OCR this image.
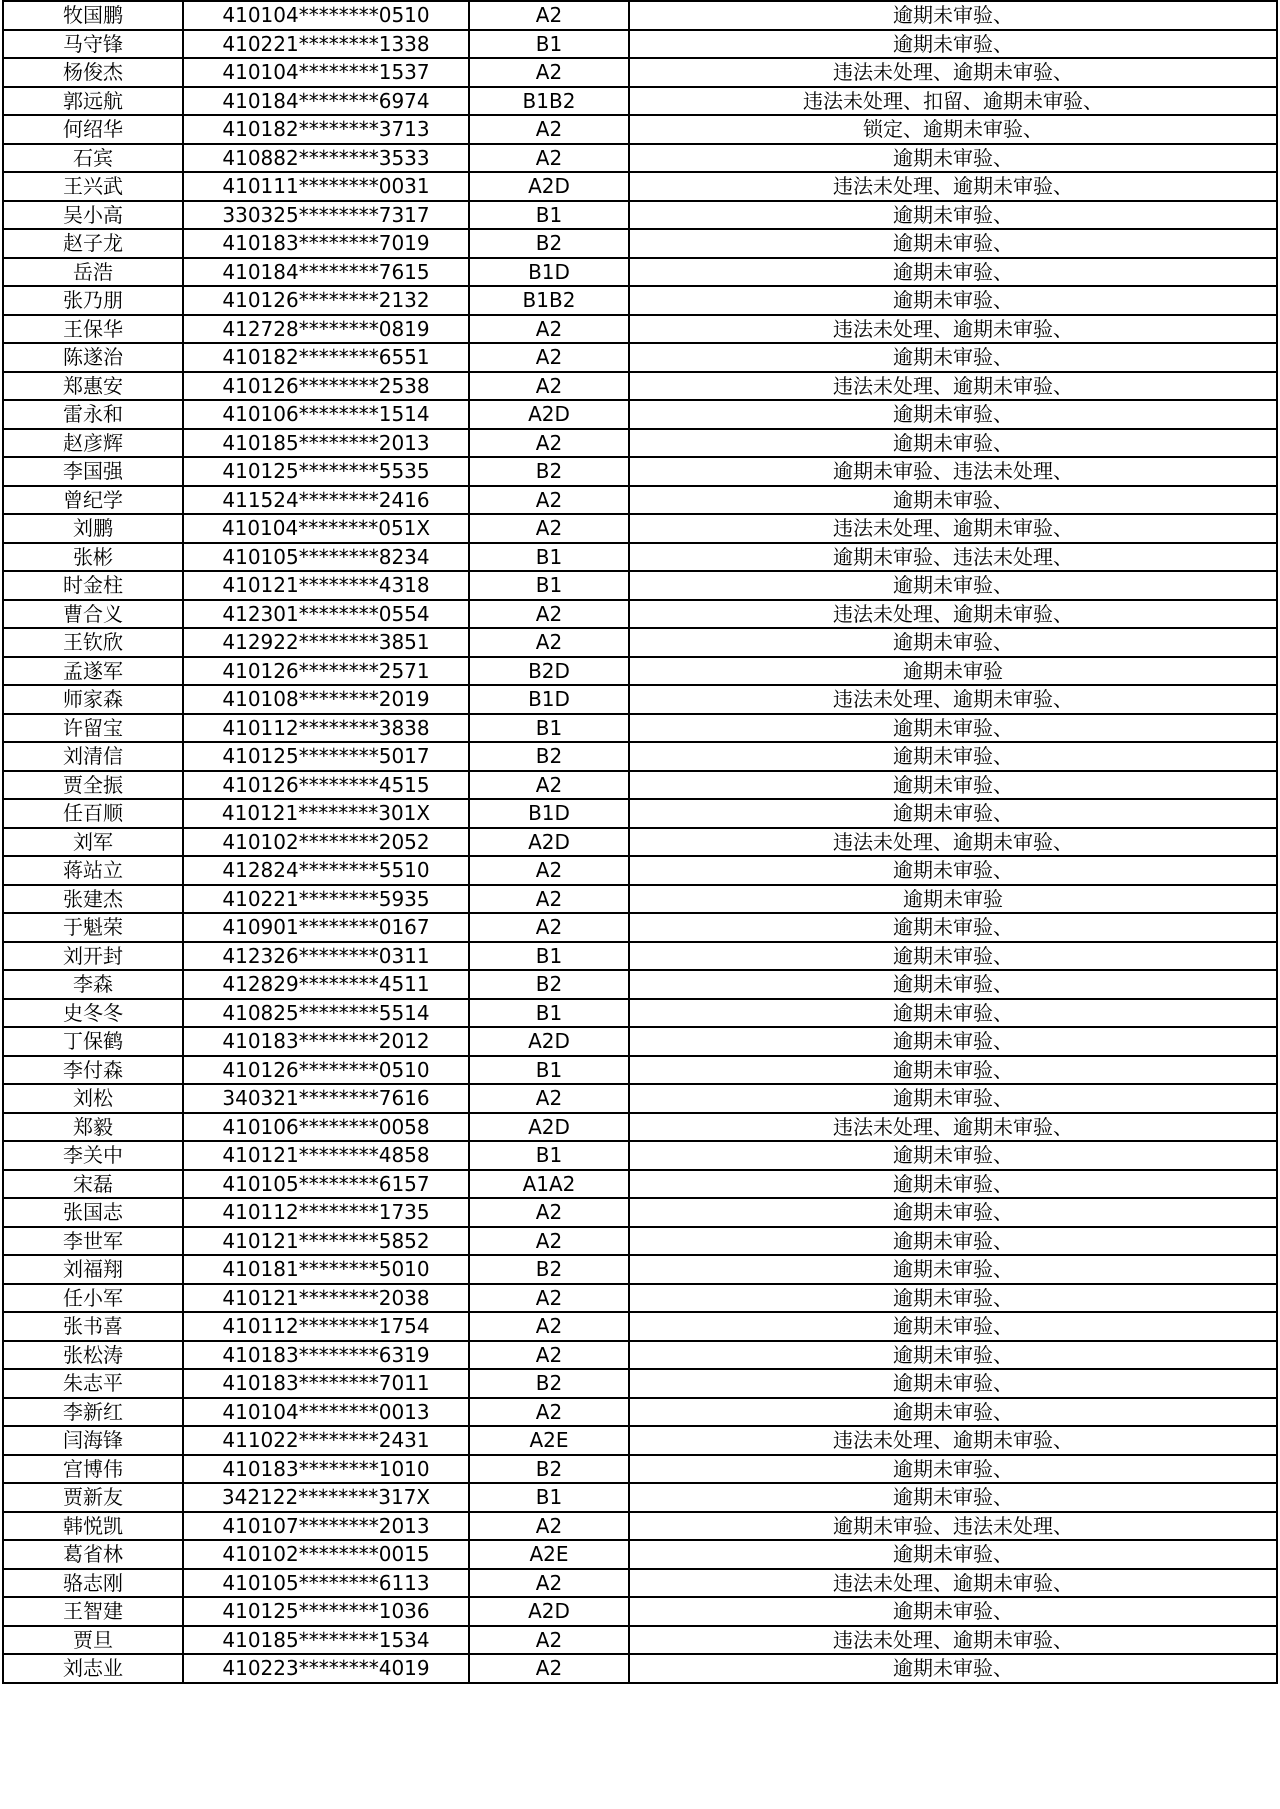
牧国鹏	410104********0510	A2	逾期未审验、
马守锋	410221********1338	B1	逾期未审验、
杨俊杰	410104********1537	A2	违法未处理、逾期未审验、
郭远航	410184********6974	B1B2	违法未处理、扣留、逾期未审验、
何绍华	410182********3713	A2	锁定、逾期未审验、
石宾	410882********3533	A2	逾期未审验、
王兴武	410111********0031	A2D	违法未处理、逾期未审验、
吴小高	330325********7317	B1	逾期未审验、
赵子龙	410183********7019	B2	逾期未审验、
岳浩	410184********7615	B1D	逾期未审验、
张乃朋	410126********2132	B1B2	逾期未审验、
王保华	412728********0819	A2	违法未处理、逾期未审验、
陈遂治	410182********6551	A2	逾期未审验、
郑惠安	410126********2538	A2	违法未处理、逾期未审验、
雷永和	410106********1514	A2D	逾期未审验、
赵彦辉	410185********2013	A2	逾期未审验、
李国强	410125********5535	B2	逾期未审验、违法未处理、
曾纪学	411524********2416	A2	逾期未审验、
刘鹏	410104********051X	A2	违法未处理、逾期未审验、
张彬	410105********8234	B1	逾期未审验、违法未处理、
时金柱	410121********4318	B1	逾期未审验、
曹合义	412301********0554	A2	违法未处理、逾期未审验、
王钦欣	412922********3851	A2	逾期未审验、
孟遂军	410126********2571	B2D	逾期未审验
师家森	410108********2019	B1D	违法未处理、逾期未审验、
许留宝	410112********3838	B1	逾期未审验、
刘清信	410125********5017	B2	逾期未审验、
贾全振	410126********4515	A2	逾期未审验、
任百顺	410121********301X	B1D	逾期未审验、
刘军	410102********2052	A2D	违法未处理、逾期未审验、
蒋站立	412824********5510	A2	逾期未审验、
张建杰	410221********5935	A2	逾期未审验
于魁荣	410901********0167	A2	逾期未审验、
刘开封	412326********0311	B1	逾期未审验、
李森	412829********4511	B2	逾期未审验、
史冬冬	410825********5514	B1	逾期未审验、
丁保鹤	410183********2012	A2D	逾期未审验、
李付森	410126********0510	B1	逾期未审验、
刘松	340321********7616	A2	逾期未审验、
郑毅	410106********0058	A2D	违法未处理、逾期未审验、
李关中	410121********4858	B1	逾期未审验、
宋磊	410105********6157	A1A2	逾期未审验、
张国志	410112********1735	A2	逾期未审验、
李世军	410121********5852	A2	逾期未审验、
刘福翔	410181********5010	B2	逾期未审验、
任小军	410121********2038	A2	逾期未审验、
张书喜	410112********1754	A2	逾期未审验、
张松涛	410183********6319	A2	逾期未审验、
朱志平	410183********7011	B2	逾期未审验、
李新红	410104********0013	A2	逾期未审验、
闫海锋	411022********2431	A2E	违法未处理、逾期未审验、
宫博伟	410183********1010	B2	逾期未审验、
贾新友	342122********317X	B1	逾期未审验、
韩悦凯	410107********2013	A2	逾期未审验、违法未处理、
葛省林	410102********0015	A2E	逾期未审验、
骆志刚	410105********6113	A2	违法未处理、逾期未审验、
王智建	410125********1036	A2D	逾期未审验、
贾旦	410185********1534	A2	违法未处理、逾期未审验、
刘志业	410223********4019	A2	逾期未审验、
